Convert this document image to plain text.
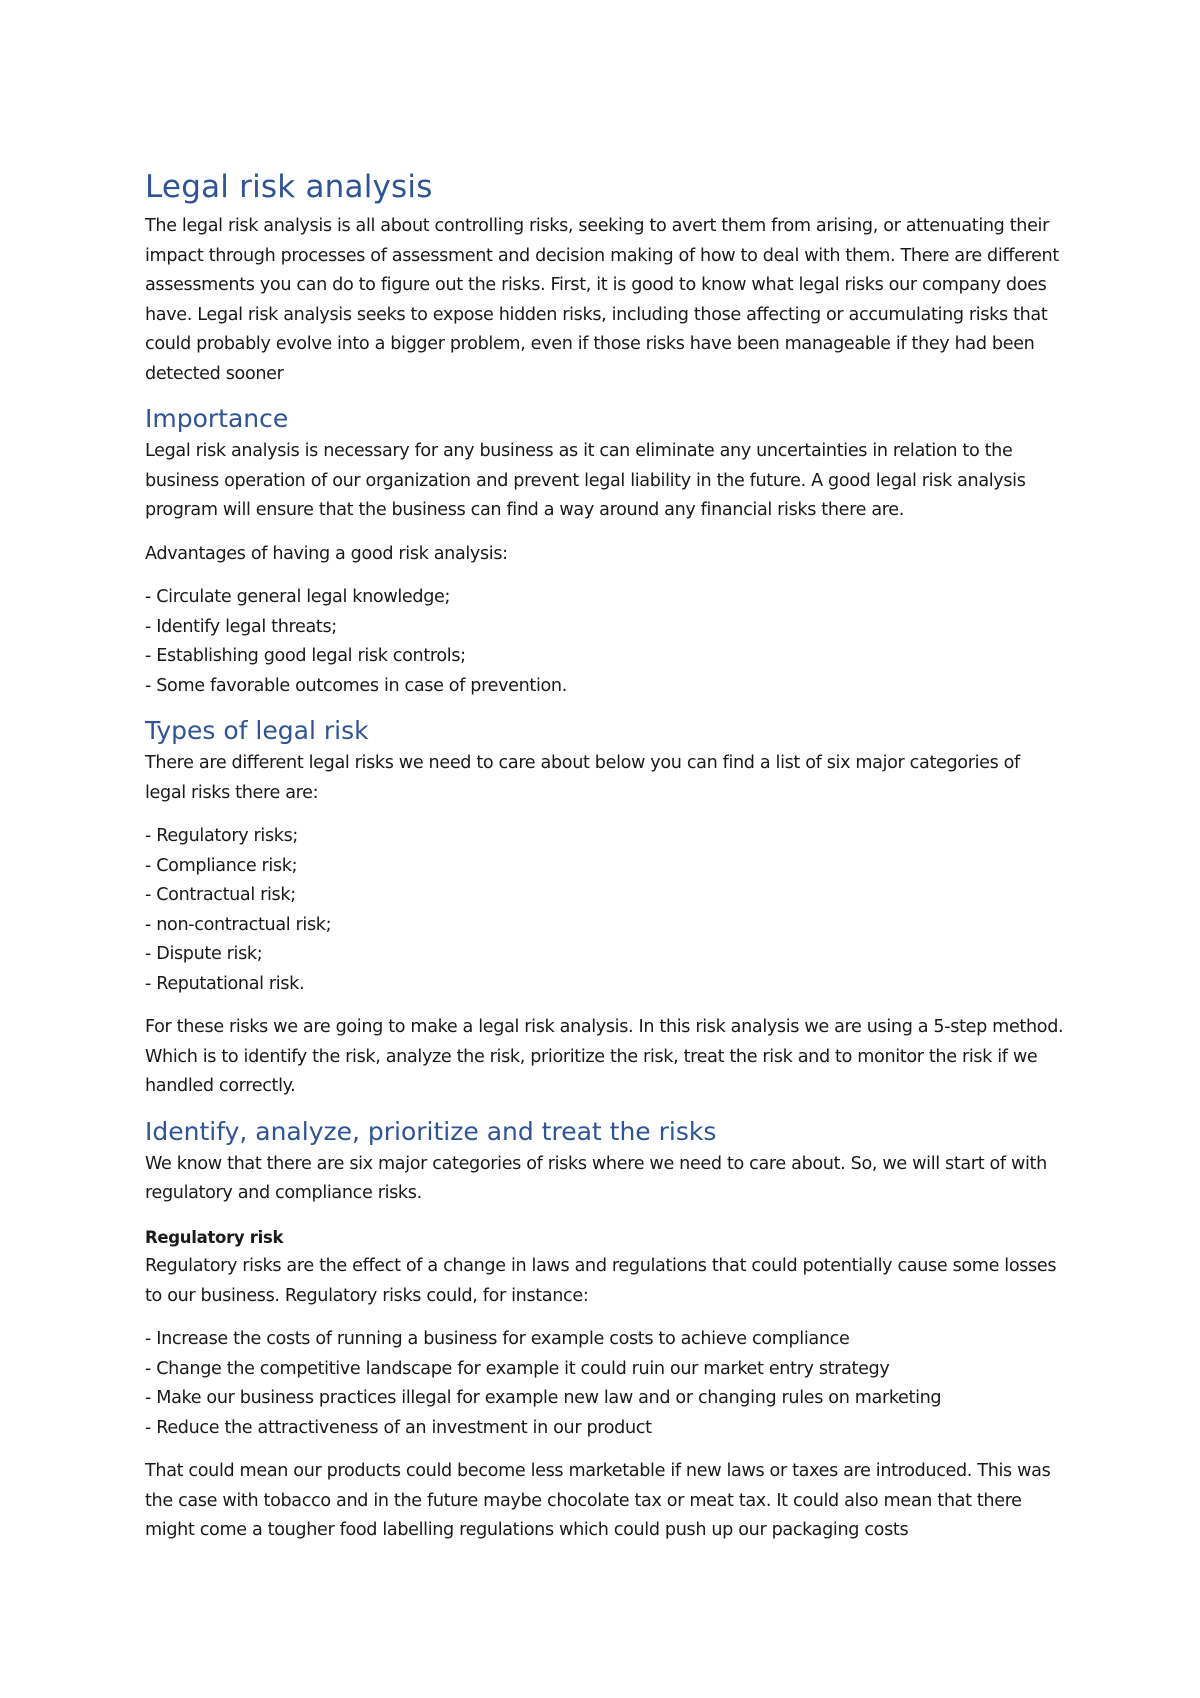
Legal risk analysis

The legal risk analysis is all about controlling risks, seeking to avert them from arising, or attenuating their impact through processes of assessment and decision making of how to deal with them. There are different assessments you can do to figure out the risks. First, it is good to know what legal risks our company does have. Legal risk analysis seeks to expose hidden risks, including those affecting or accumulating risks that could probably evolve into a bigger problem, even if those risks have been manageable if they had been detected sooner

Importance

Legal risk analysis is necessary for any business as it can eliminate any uncertainties in relation to the business operation of our organization and prevent legal liability in the future. A good legal risk analysis program will ensure that the business can find a way around any financial risks there are.

Advantages of having a good risk analysis:

- Circulate general legal knowledge;
- Identify legal threats;
- Establishing good legal risk controls;
- Some favorable outcomes in case of prevention.
Types of legal risk

There are different legal risks we need to care about below you can find a list of six major categories of legal risks there are:

- Regulatory risks;
- Compliance risk;
- Contractual risk;
- non-contractual risk;
- Dispute risk;
- Reputational risk.

For these risks we are going to make a legal risk analysis. In this risk analysis we are using a 5-step method. Which is to identify the risk, analyze the risk, prioritize the risk, treat the risk and to monitor the risk if we handled correctly.

Identify, analyze, prioritize and treat the risks

We know that there are six major categories of risks where we need to care about. So, we will start of with regulatory and compliance risks.

Regulatory risk

Regulatory risks are the effect of a change in laws and regulations that could potentially cause some losses to our business. Regulatory risks could, for instance:

- Increase the costs of running a business for example costs to achieve compliance
- Change the competitive landscape for example it could ruin our market entry strategy
- Make our business practices illegal for example new law and or changing rules on marketing
- Reduce the attractiveness of an investment in our product

That could mean our products could become less marketable if new laws or taxes are introduced. This was the case with tobacco and in the future maybe chocolate tax or meat tax. It could also mean that there might come a tougher food labelling regulations which could push up our packaging costs
